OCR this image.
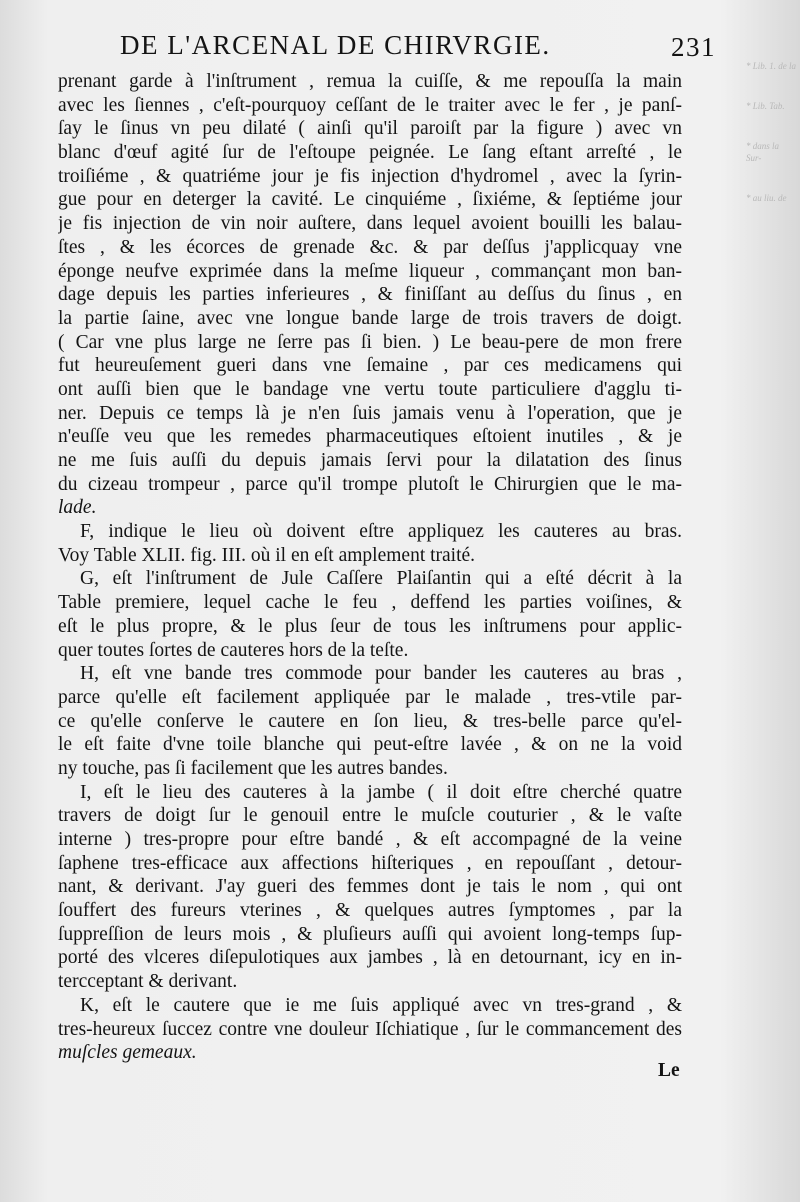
* Lib. 1. de la
* Lib. Tab.
* dans la Sur-
* au liu. de
DE L'ARCENAL DE CHIRVRGIE.	231
prenant garde à l'inſtrument , remua la cuiſſe, & me repouſſa la main
avec les ſiennes , c'eſt-pourquoy ceſſant de le traiter avec le fer , je panſ-
ſay le ſinus vn peu dilaté ( ainſi qu'il paroiſt par la figure ) avec vn
blanc d'œuf agité ſur de l'eſtoupe peignée. Le ſang eſtant arreſté , le
troiſiéme , & quatriéme jour je fis injection d'hydromel , avec la ſyrin-
gue pour en deterger la cavité. Le cinquiéme , ſixiéme, & ſeptiéme jour
je fis injection de vin noir auſtere, dans lequel avoient bouilli les balau-
ſtes , & les écorces de grenade &c. & par deſſus j'applicquay vne
éponge neufve exprimée dans la meſme liqueur , commançant mon ban-
dage depuis les parties inferieures , & finiſſant au deſſus du ſinus , en
la partie ſaine, avec vne longue bande large de trois travers de doigt.
( Car vne plus large ne ſerre pas ſi bien. ) Le beau-pere de mon frere
fut heureuſement gueri dans vne ſemaine , par ces medicamens qui
ont auſſi bien que le bandage vne vertu toute particuliere d'agglu ti-
ner. Depuis ce temps là je n'en ſuis jamais venu à l'operation, que je
n'euſſe veu que les remedes pharmaceutiques eſtoient inutiles , & je
ne me ſuis auſſi du depuis jamais ſervi pour la dilatation des ſinus
du cizeau trompeur , parce qu'il trompe plutoſt le Chirurgien que le ma-
lade.
F, indique le lieu où doivent eſtre appliquez les cauteres au bras.
Voy Table XLII. fig. III. où il en eſt amplement traité.
G, eſt l'inſtrument de Jule Caſſere Plaiſantin qui a eſté décrit à la
Table premiere, lequel cache le feu , deffend les parties voiſines, &
eſt le plus propre, & le plus ſeur de tous les inſtrumens pour applic-
quer toutes ſortes de cauteres hors de la teſte.
H, eſt vne bande tres commode pour bander les cauteres au bras ,
parce qu'elle eſt facilement appliquée par le malade , tres-vtile par-
ce qu'elle conſerve le cautere en ſon lieu, & tres-belle parce qu'el-
le eſt faite d'vne toile blanche qui peut-eſtre lavée , & on ne la void
ny touche, pas ſi facilement que les autres bandes.
I, eſt le lieu des cauteres à la jambe ( il doit eſtre cherché quatre
travers de doigt ſur le genouil entre le muſcle couturier , & le vaſte
interne ) tres-propre pour eſtre bandé , & eſt accompagné de la veine
ſaphene tres-efficace aux affections hiſteriques , en repouſſant , detour-
nant, & derivant. J'ay gueri des femmes dont je tais le nom , qui ont
ſouffert des fureurs vterines , & quelques autres ſymptomes , par la
ſuppreſſion de leurs mois , & pluſieurs auſſi qui avoient long-temps ſup-
porté des vlceres diſepulotiques aux jambes , là en detournant, icy en in-
tercceptant & derivant.
K, eſt le cautere que ie me ſuis appliqué avec vn tres-grand , &
tres-heureux ſuccez contre vne douleur Iſchiatique , ſur le commancement des
muſcles gemeaux.
Le
